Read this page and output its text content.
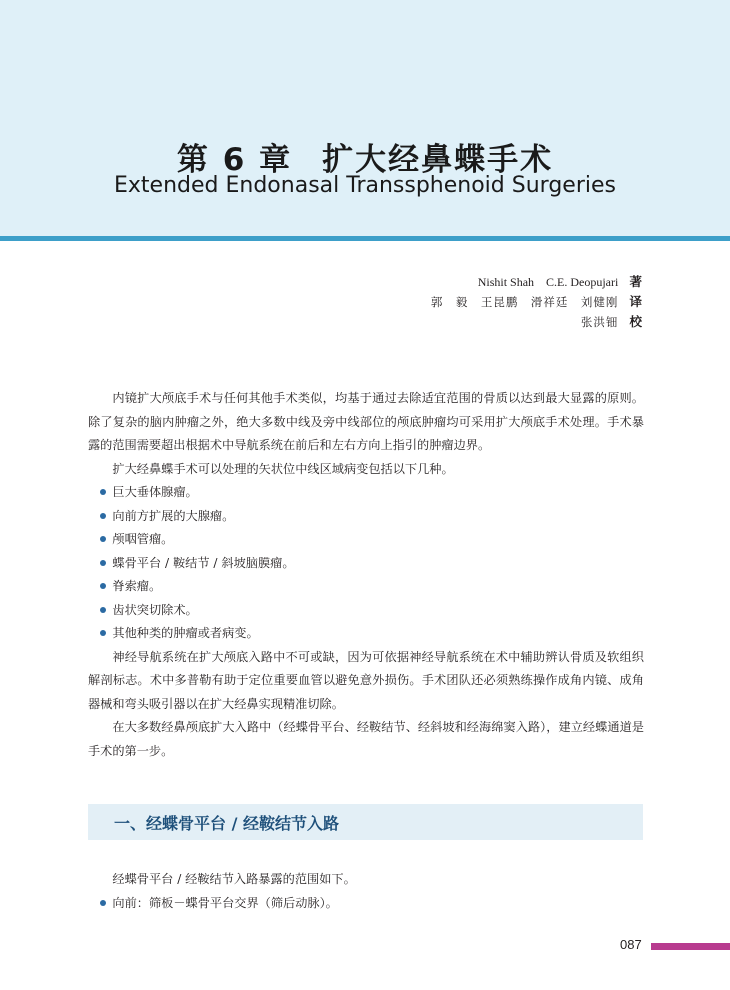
第 6 章 扩大经鼻蝶手术
Extended Endonasal Transsphenoid Surgeries
Nishit Shah　C.E. Deopujari 著
郭　毅　王昆鹏　滑祥廷　刘健刚 译
张洪钿 校

内镜扩大颅底手术与任何其他手术类似，均基于通过去除适宜范围的骨质以达到最大显露的原则。除了复杂的脑内肿瘤之外，绝大多数中线及旁中线部位的颅底肿瘤均可采用扩大颅底手术处理。手术暴露的范围需要超出根据术中导航系统在前后和左右方向上指引的肿瘤边界。

扩大经鼻蝶手术可以处理的矢状位中线区域病变包括以下几种。

巨大垂体腺瘤。
向前方扩展的大腺瘤。
颅咽管瘤。
蝶骨平台 / 鞍结节 / 斜坡脑膜瘤。
脊索瘤。
齿状突切除术。
其他种类的肿瘤或者病变。

神经导航系统在扩大颅底入路中不可或缺，因为可依据神经导航系统在术中辅助辨认骨质及软组织解剖标志。术中多普勒有助于定位重要血管以避免意外损伤。手术团队还必须熟练操作成角内镜、成角器械和弯头吸引器以在扩大经鼻实现精准切除。

在大多数经鼻颅底扩大入路中（经蝶骨平台、经鞍结节、经斜坡和经海绵窦入路），建立经蝶通道是手术的第一步。

一、经蝶骨平台 / 经鞍结节入路

经蝶骨平台 / 经鞍结节入路暴露的范围如下。

向前：筛板－蝶骨平台交界（筛后动脉）。
087
